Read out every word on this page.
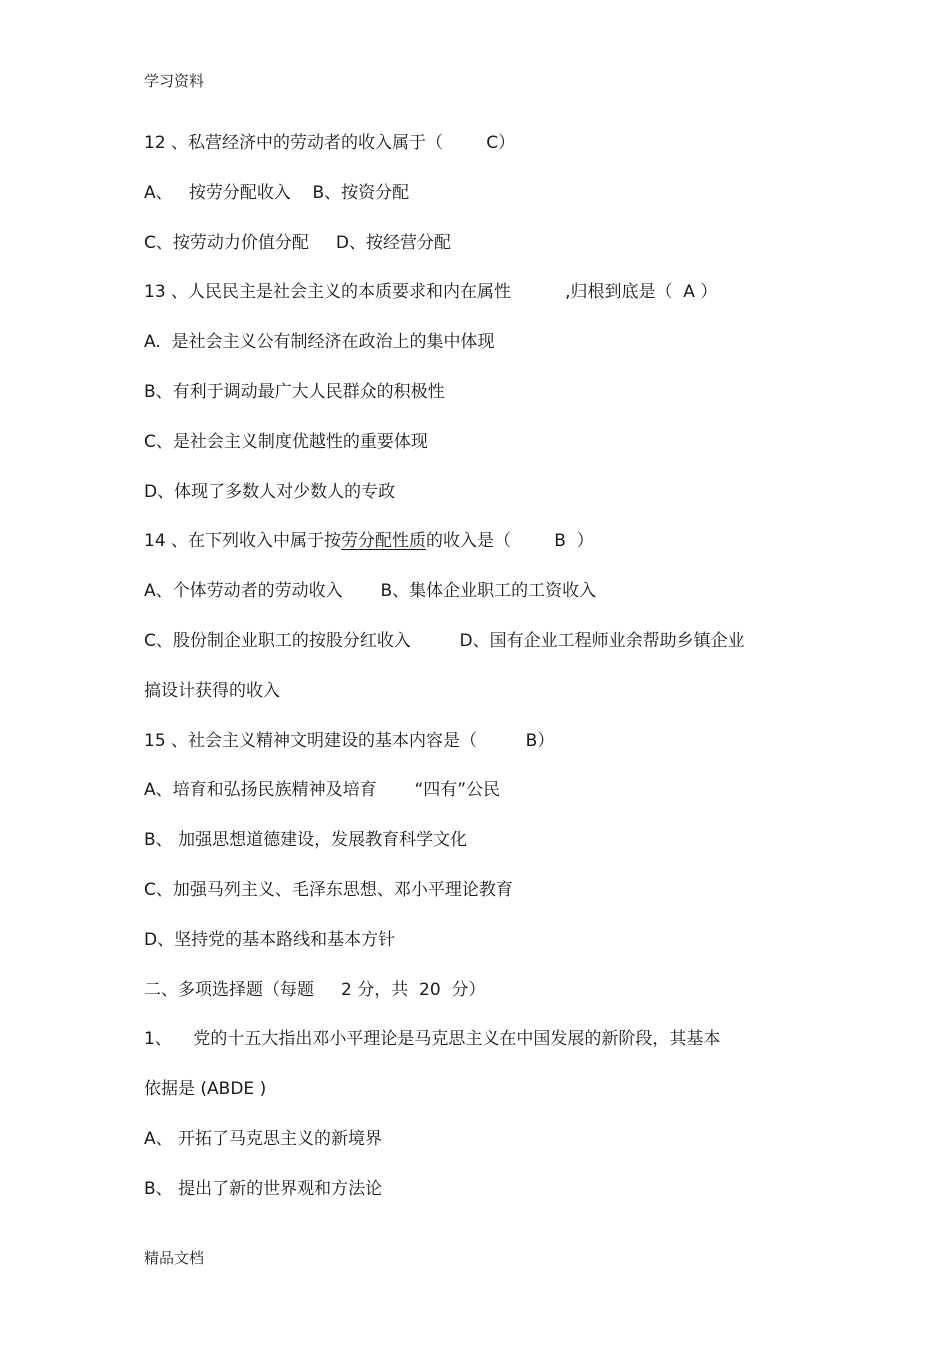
学习资料
12 、私营经济中的劳动者的收入属于（        C）
A、   按劳分配收入    B、按资分配
C、按劳动力价值分配     D、按经营分配
13 、人民民主是社会主义的本质要求和内在属性          ,归根到底是（  A ）
A.  是社会主义公有制经济在政治上的集中体现
B、有利于调动最广大人民群众的积极性
C、是社会主义制度优越性的重要体现
D、体现了多数人对少数人的专政
14 、在下列收入中属于按劳分配性质的收入是（        B  ）
A、个体劳动者的劳动收入       B、集体企业职工的工资收入
C、股份制企业职工的按股分红收入         D、国有企业工程师业余帮助乡镇企业
搞设计获得的收入
15 、社会主义精神文明建设的基本内容是（         B）
A、培育和弘扬民族精神及培育       “四有”公民
B、 加强思想道德建设，发展教育科学文化
C、加强马列主义、毛泽东思想、邓小平理论教育
D、坚持党的基本路线和基本方针
二、多项选择题（每题     2 分，共  20  分）
1、    党的十五大指出邓小平理论是马克思主义在中国发展的新阶段，其基本
依据是 (ABDE )
A、 开拓了马克思主义的新境界
B、 提出了新的世界观和方法论
精品文档
